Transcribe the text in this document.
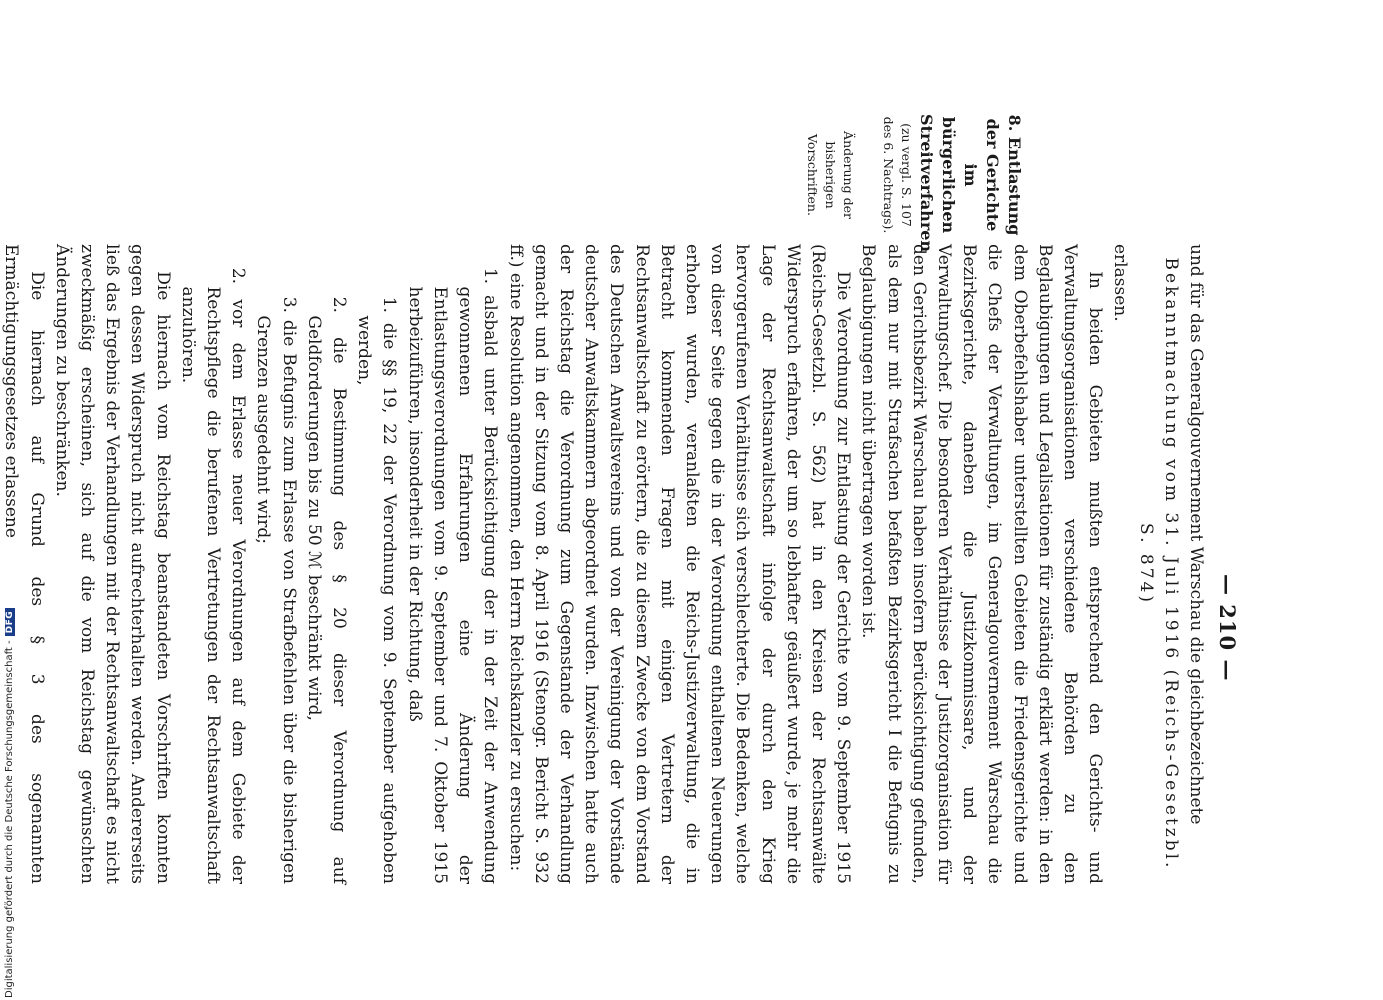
Digitalisierung gefördert durch die Deutsche Forschungsgemeinschaft -DFG	— 210 —

und für das Generalgouvernement Warschau die gleichbezeichnete

Bekanntmachung vom 31. Juli 1916 (Reichs-Gesetzbl. S. 874)

erlassen.

In beiden Gebieten mußten entsprechend den Gerichts- und Verwaltungsorganisationen verschiedene Behörden zu den Beglaubigungen und Legalisationen für zuständig erklärt werden: in den dem Oberbefehlshaber unterstellten Gebieten die Friedensgerichte und die Chefs der Verwaltungen, im Generalgouvernement Warschau die Bezirksgerichte, daneben die Justizkommissare, und der Verwaltungschef. Die besonderen Verhältnisse der Justizorganisation für den Gerichtsbezirk Warschau haben insofern Berücksichtigung gefunden, als dem nur mit Strafsachen befaßten Bezirksgericht I die Befugnis zu Beglaubigungen nicht übertragen worden ist.

Die Verordnung zur Entlastung der Gerichte vom 9. September 1915 (Reichs-Gesetzbl. S. 562) hat in den Kreisen der Rechtsanwälte Widerspruch erfahren, der um so lebhafter geäußert wurde, je mehr die Lage der Rechtsanwaltschaft infolge der durch den Krieg hervorgerufenen Verhältnisse sich verschlechterte. Die Bedenken, welche von dieser Seite gegen die in der Verordnung enthaltenen Neuerungen erhoben wurden, veranlaßten die Reichs-Justizverwaltung, die in Betracht kommenden Fragen mit einigen Vertretern der Rechtsanwaltschaft zu erörtern, die zu diesem Zwecke von dem Vorstand des Deutschen Anwaltsvereins und von der Vereinigung der Vorstände deutscher Anwaltskammern abgeordnet wurden. Inzwischen hatte auch der Reichstag die Verordnung zum Gegenstande der Verhandlung gemacht und in der Sitzung vom 8. April 1916 (Stenogr. Bericht S. 932 ff.) eine Resolution angenommen, den Herrn Reichskanzler zu ersuchen:

1. alsbald unter Berücksichtigung der in der Zeit der Anwendung gewonnenen Erfahrungen eine Änderung der Entlastungsverordnungen vom 9. September und 7. Oktober 1915 herbeizuführen, insonderheit in der Richtung, daß
1. die §§ 19, 22 der Verordnung vom 9. September aufgehoben werden,
2. die Bestimmung des § 20 dieser Verordnung auf Geldforderungen bis zu 50 ℳ beschränkt wird,
3. die Befugnis zum Erlasse von Strafbefehlen über die bisherigen Grenzen ausgedehnt wird;
2. vor dem Erlasse neuer Verordnungen auf dem Gebiete der Rechtspflege die berufenen Vertretungen der Rechtsanwaltschaft anzuhören.

Die hiernach vom Reichstag beanstandeten Vorschriften konnten gegen dessen Widerspruch nicht aufrechterhalten werden. Andererseits ließ das Ergebnis der Verhandlungen mit der Rechtsanwaltschaft es nicht zweckmäßig erscheinen, sich auf die vom Reichstag gewünschten Änderungen zu beschränken.

Die hiernach auf Grund des § 3 des sogenannten Ermächtigungsgesetzes erlassene

8. Entlastung der Gerichte im bürgerlichen Streitverfahren
(zu vergl. S. 107 des 6. Nachtrags).
Änderung der bisherigen Vorschriften.
